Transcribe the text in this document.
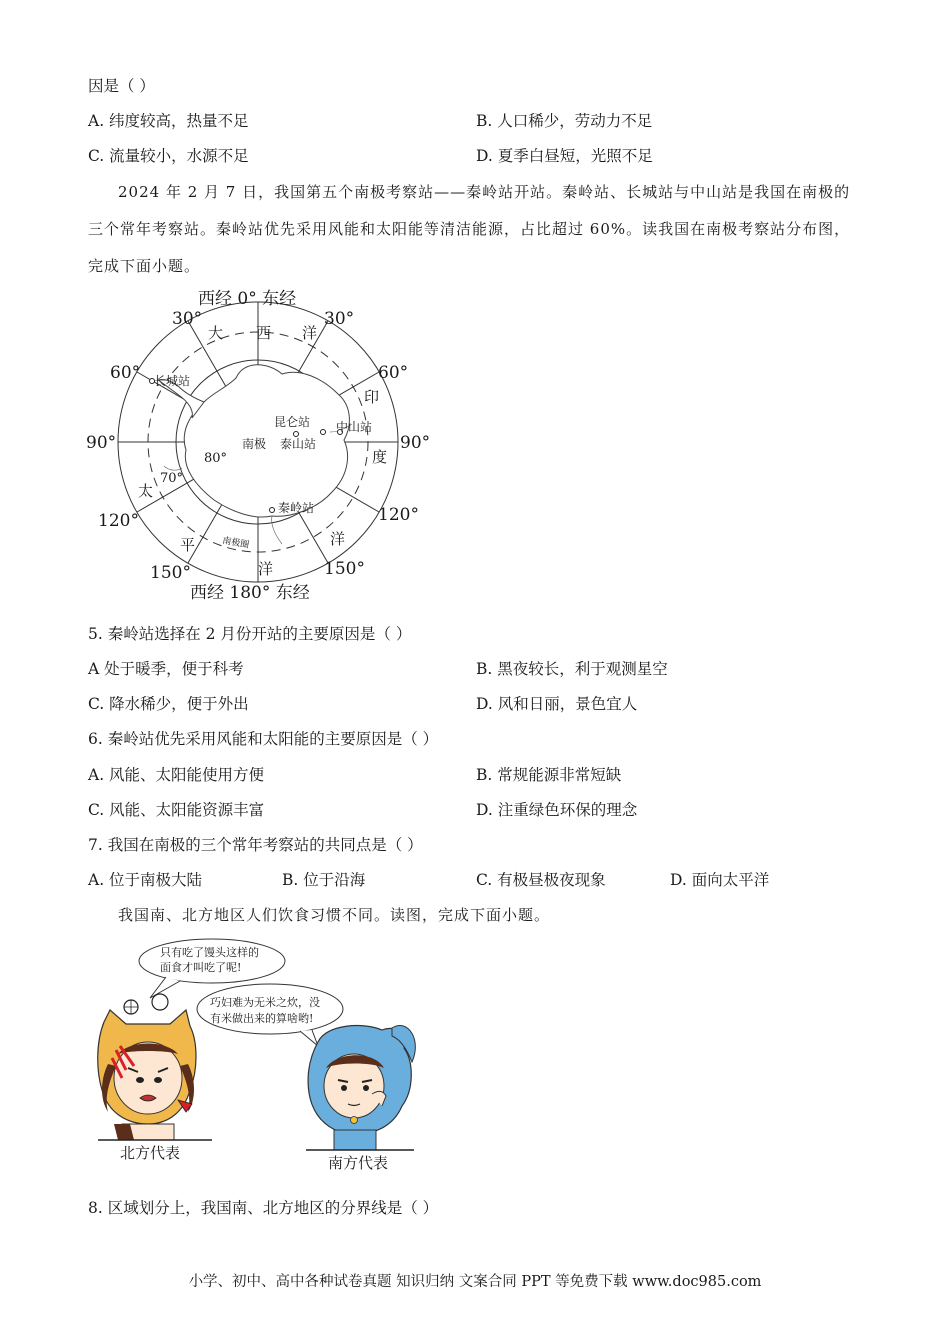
因是（ ）
A. 纬度较高，热量不足	B. 人口稀少，劳动力不足
C. 流量较小，水源不足	D. 夏季白昼短，光照不足
2024 年 2 月 7 日，我国第五个南极考察站——秦岭站开站。秦岭站、长城站与中山站是我国在南极的
三个常年考察站。秦岭站优先采用风能和太阳能等清洁能源，占比超过 60%。读我国在南极考察站分布图，
完成下面小题。
西经 0° 东经
西经 180° 东经
30°	30°
60°	60°
90°	90°
120°	120°
150°	150°
70°
80°
大 西 洋
印
度
洋
太
平
洋
长城站
昆仑站 中山站
泰山站
秦岭站
南极
南极圈
5. 秦岭站选择在 2 月份开站的主要原因是（ ）
A 处于暖季，便于科考	B. 黑夜较长，利于观测星空
C. 降水稀少，便于外出	D. 风和日丽，景色宜人
6. 秦岭站优先采用风能和太阳能的主要原因是（ ）
A. 风能、太阳能使用方便	B. 常规能源非常短缺
C. 风能、太阳能资源丰富	D. 注重绿色环保的理念
7. 我国在南极的三个常年考察站的共同点是（ ）
A. 位于南极大陆	B. 位于沿海	C. 有极昼极夜现象	D. 面向太平洋
我国南、北方地区人们饮食习惯不同。读图，完成下面小题。
只有吃了馒头这样的
面食才叫吃了呢!
巧妇难为无米之炊，没
有米做出来的算啥哟!
北方代表
南方代表
8. 区域划分上，我国南、北方地区的分界线是（ ）
小学、初中、高中各种试卷真题 知识归纳 文案合同 PPT 等免费下载 www.doc985.com
